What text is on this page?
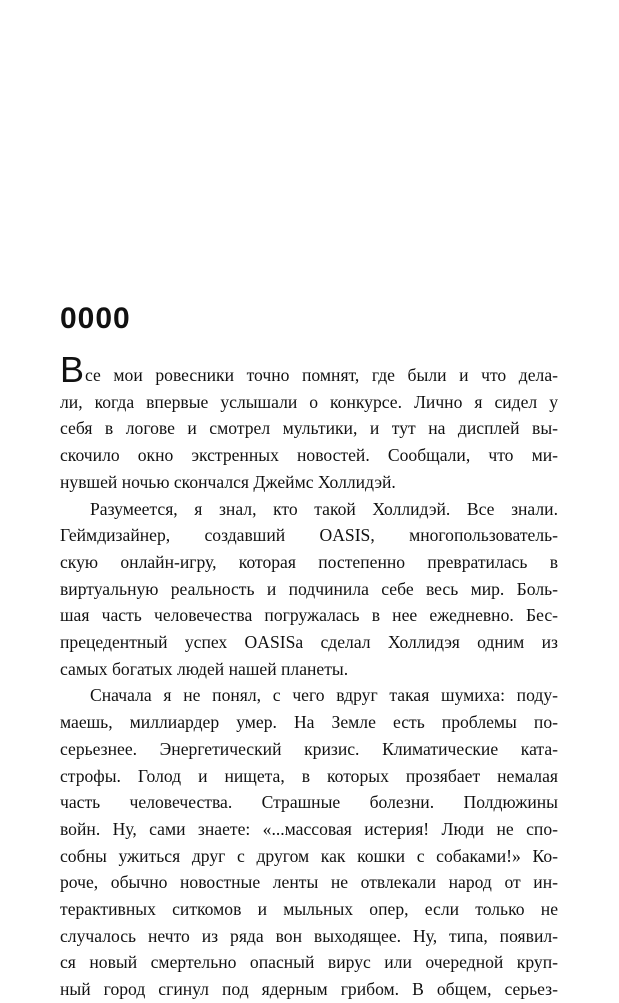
0000

Все мои ровесники точно помнят, где были и что дела-
ли, когда впервые услышали о конкурсе. Лично я сидел у
себя в логове и смотрел мультики, и тут на дисплей вы-
скочило окно экстренных новостей. Сообщали, что ми-
нувшей ночью скончался Джеймс Холлидэй.

Разумеется, я знал, кто такой Холлидэй. Все знали.
Геймдизайнер, создавший OASIS, многопользователь-
скую онлайн-игру, которая постепенно превратилась в
виртуальную реальность и подчинила себе весь мир. Боль-
шая часть человечества погружалась в нее ежедневно. Бес-
прецедентный успех OASISа сделал Холлидэя одним из
самых богатых людей нашей планеты.

Сначала я не понял, с чего вдруг такая шумиха: поду-
маешь, миллиардер умер. На Земле есть проблемы по-
серьезнее. Энергетический кризис. Климатические ката-
строфы. Голод и нищета, в которых прозябает немалая
часть человечества. Страшные болезни. Полдюжины
войн. Ну, сами знаете: «...массовая истерия! Люди не спо-
собны ужиться друг с другом как кошки с собаками!» Ко-
роче, обычно новостные ленты не отвлекали народ от ин-
терактивных ситкомов и мыльных опер, если только не
случалось нечто из ряда вон выходящее. Ну, типа, появил-
ся новый смертельно опасный вирус или очередной круп-
ный город сгинул под ядерным грибом. В общем, серьез-
